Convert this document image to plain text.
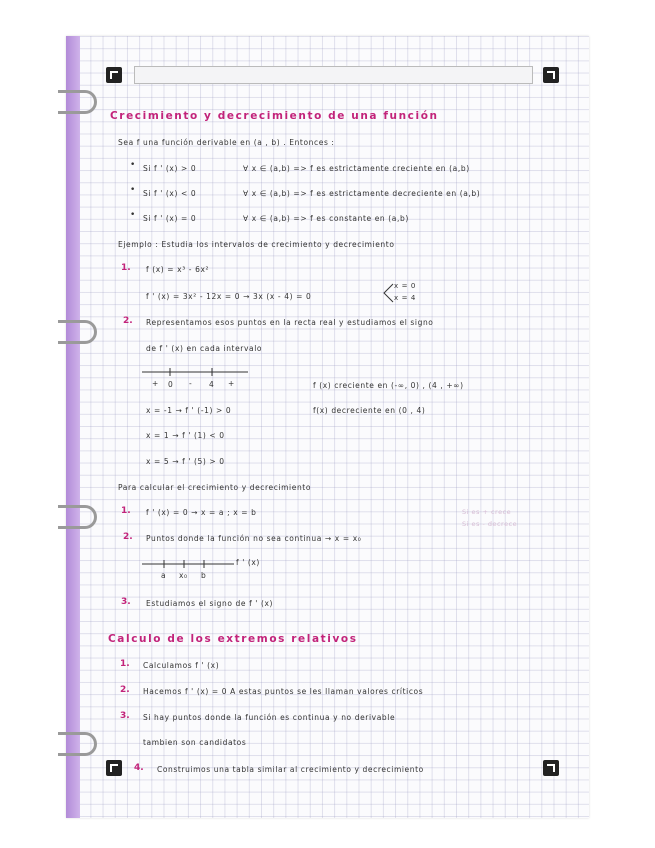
Crecimiento y decrecimiento de una función
Sea f una función derivable en (a , b) . Entonces :
• Si f ' (x) > 0	∀ x ∈ (a,b) => f es estrictamente creciente en (a,b)
• Si f ' (x) < 0	∀ x ∈ (a,b) => f es estrictamente decreciente en (a,b)
• Si f ' (x) = 0	∀ x ∈ (a,b) => f es constante en (a,b)
Ejemplo : Estudia los intervalos de crecimiento y decrecimiento
1. f (x) = x³ - 6x²
f ' (x) = 3x² - 12x = 0 → 3x (x - 4) = 0
x = 0
x = 4
2. Representamos esos puntos en la recta real y estudiamos el signo
de f ' (x) en cada intervalo
+ 0 - 4 +	f (x) creciente en (-∞, 0) , (4 , +∞)
f(x) decreciente en (0 , 4)
x = -1 → f ' (-1) > 0
x = 1 → f ' (1) < 0
x = 5 → f ' (5) > 0
Para calcular el crecimiento y decrecimiento
1. f ' (x) = 0 → x = a ; x = b	Si es + crece
Si es - decrece
2. Puntos donde la función no sea continua → x = x₀
f ' (x)
a x₀ b
3. Estudiamos el signo de f ' (x)
Calculo de los extremos relativos
1. Calculamos f ' (x)
2. Hacemos f ' (x) = 0 A estas puntos se les llaman valores críticos
3. Si hay puntos donde la función es continua y no derivable
tambien son candidatos
4. Construimos una tabla similar al crecimiento y decrecimiento
